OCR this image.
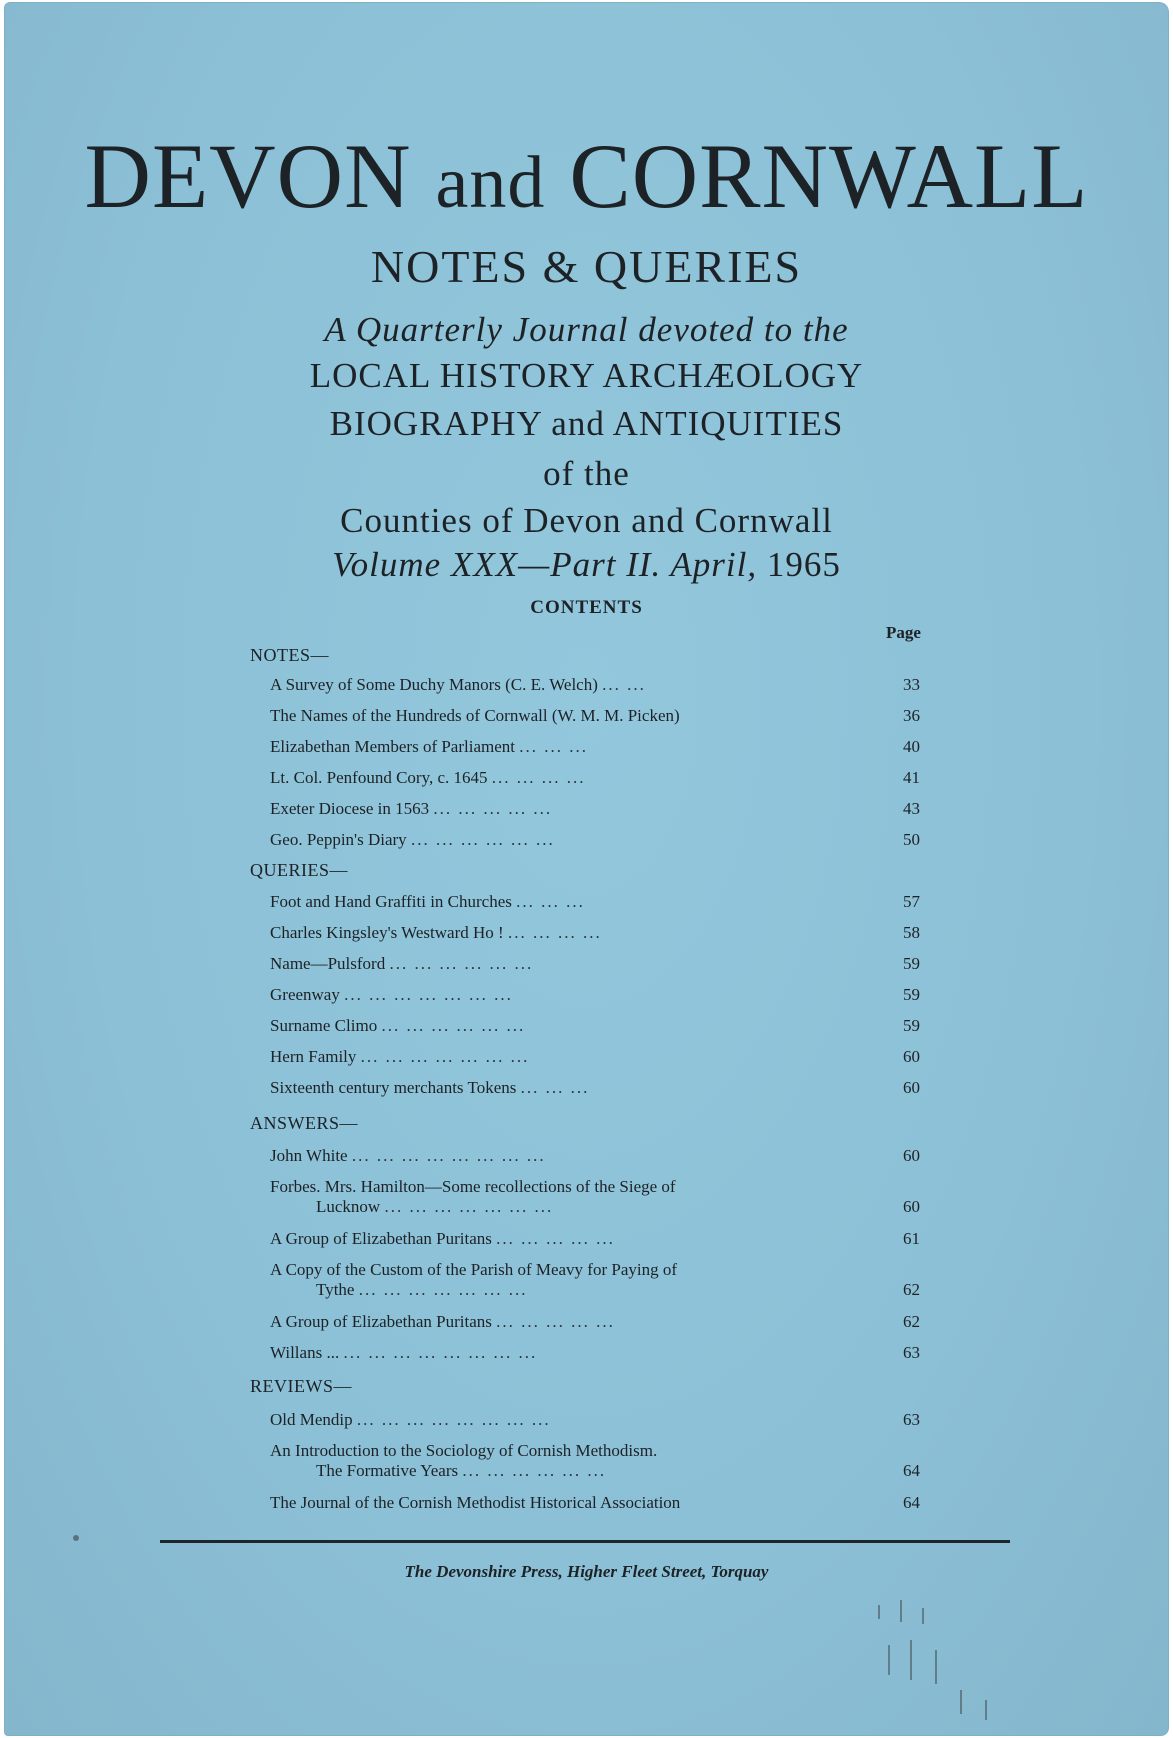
DEVON and CORNWALL
NOTES & QUERIES
A Quarterly Journal devoted to the
LOCAL HISTORY ARCHÆOLOGY
BIOGRAPHY and ANTIQUITIES
of the
Counties of Devon and Cornwall
Volume XXX—Part II. April, 1965
CONTENTS
Page
NOTES—
A Survey of Some Duchy Manors (C. E. Welch) ... ...	33
The Names of the Hundreds of Cornwall (W. M. M. Picken)	36
Elizabethan Members of Parliament ... ... ...	40
Lt. Col. Penfound Cory, c. 1645 ... ... ... ...	41
Exeter Diocese in 1563 ... ... ... ... ...	43
Geo. Peppin's Diary ... ... ... ... ... ...	50
QUERIES—
Foot and Hand Graffiti in Churches ... ... ...	57
Charles Kingsley's Westward Ho ! ... ... ... ...	58
Name—Pulsford ... ... ... ... ... ...	59
Greenway ... ... ... ... ... ... ...	59
Surname Climo ... ... ... ... ... ...	59
Hern Family ... ... ... ... ... ... ...	60
Sixteenth century merchants Tokens ... ... ...	60
ANSWERS—
John White ... ... ... ... ... ... ... ...	60
Forbes. Mrs. Hamilton—Some recollections of the Siege of
Lucknow ... ... ... ... ... ... ...	60
A Group of Elizabethan Puritans ... ... ... ... ...	61
A Copy of the Custom of the Parish of Meavy for Paying of
Tythe ... ... ... ... ... ... ...	62
A Group of Elizabethan Puritans ... ... ... ... ...	62
Willans ... ... ... ... ... ... ... ... ...	63
REVIEWS—
Old Mendip ... ... ... ... ... ... ... ...	63
An Introduction to the Sociology of Cornish Methodism.
The Formative Years ... ... ... ... ... ...	64
The Journal of the Cornish Methodist Historical Association	64
The Devonshire Press, Higher Fleet Street, Torquay
